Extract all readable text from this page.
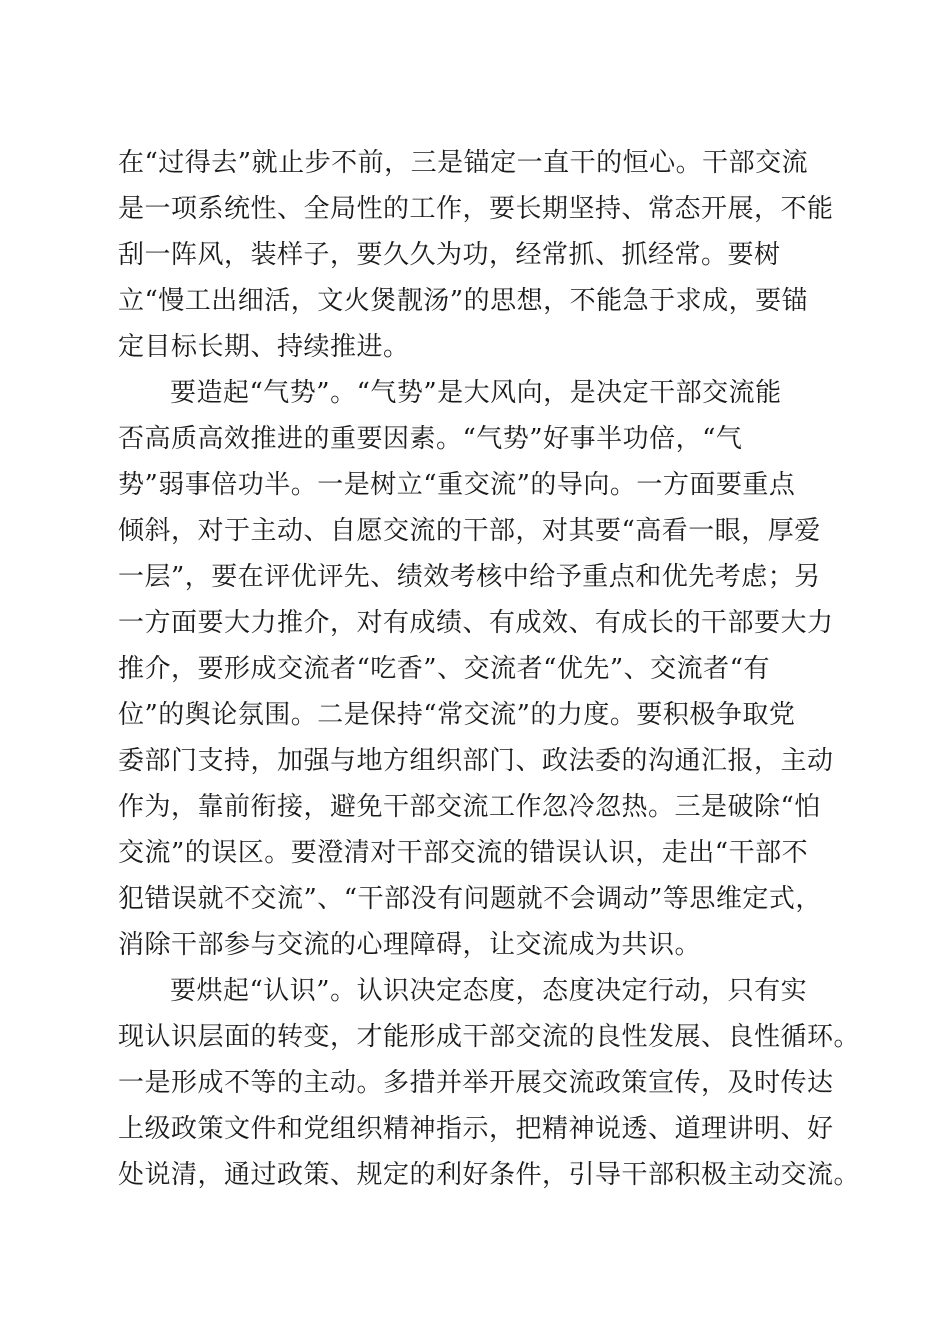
在“过得去”就止步不前，三是锚定一直干的恒心。干部交流
是一项系统性、全局性的工作，要长期坚持、常态开展，不能
刮一阵风，装样子，要久久为功，经常抓、抓经常。要树
立“慢工出细活，文火煲靓汤”的思想，不能急于求成，要锚
定目标长期、持续推进。
要造起“气势”。“气势”是大风向，是决定干部交流能
否高质高效推进的重要因素。“气势”好事半功倍，“气
势”弱事倍功半。一是树立“重交流”的导向。一方面要重点
倾斜，对于主动、自愿交流的干部，对其要“高看一眼，厚爱
一层”，要在评优评先、绩效考核中给予重点和优先考虑；另
一方面要大力推介，对有成绩、有成效、有成长的干部要大力
推介，要形成交流者“吃香”、交流者“优先”、交流者“有
位”的舆论氛围。二是保持“常交流”的力度。要积极争取党
委部门支持，加强与地方组织部门、政法委的沟通汇报，主动
作为，靠前衔接，避免干部交流工作忽冷忽热。三是破除“怕
交流”的误区。要澄清对干部交流的错误认识，走出“干部不
犯错误就不交流”、“干部没有问题就不会调动”等思维定式，
消除干部参与交流的心理障碍，让交流成为共识。
要烘起“认识”。认识决定态度，态度决定行动，只有实
现认识层面的转变，才能形成干部交流的良性发展、良性循环。
一是形成不等的主动。多措并举开展交流政策宣传，及时传达
上级政策文件和党组织精神指示，把精神说透、道理讲明、好
处说清，通过政策、规定的利好条件，引导干部积极主动交流。
